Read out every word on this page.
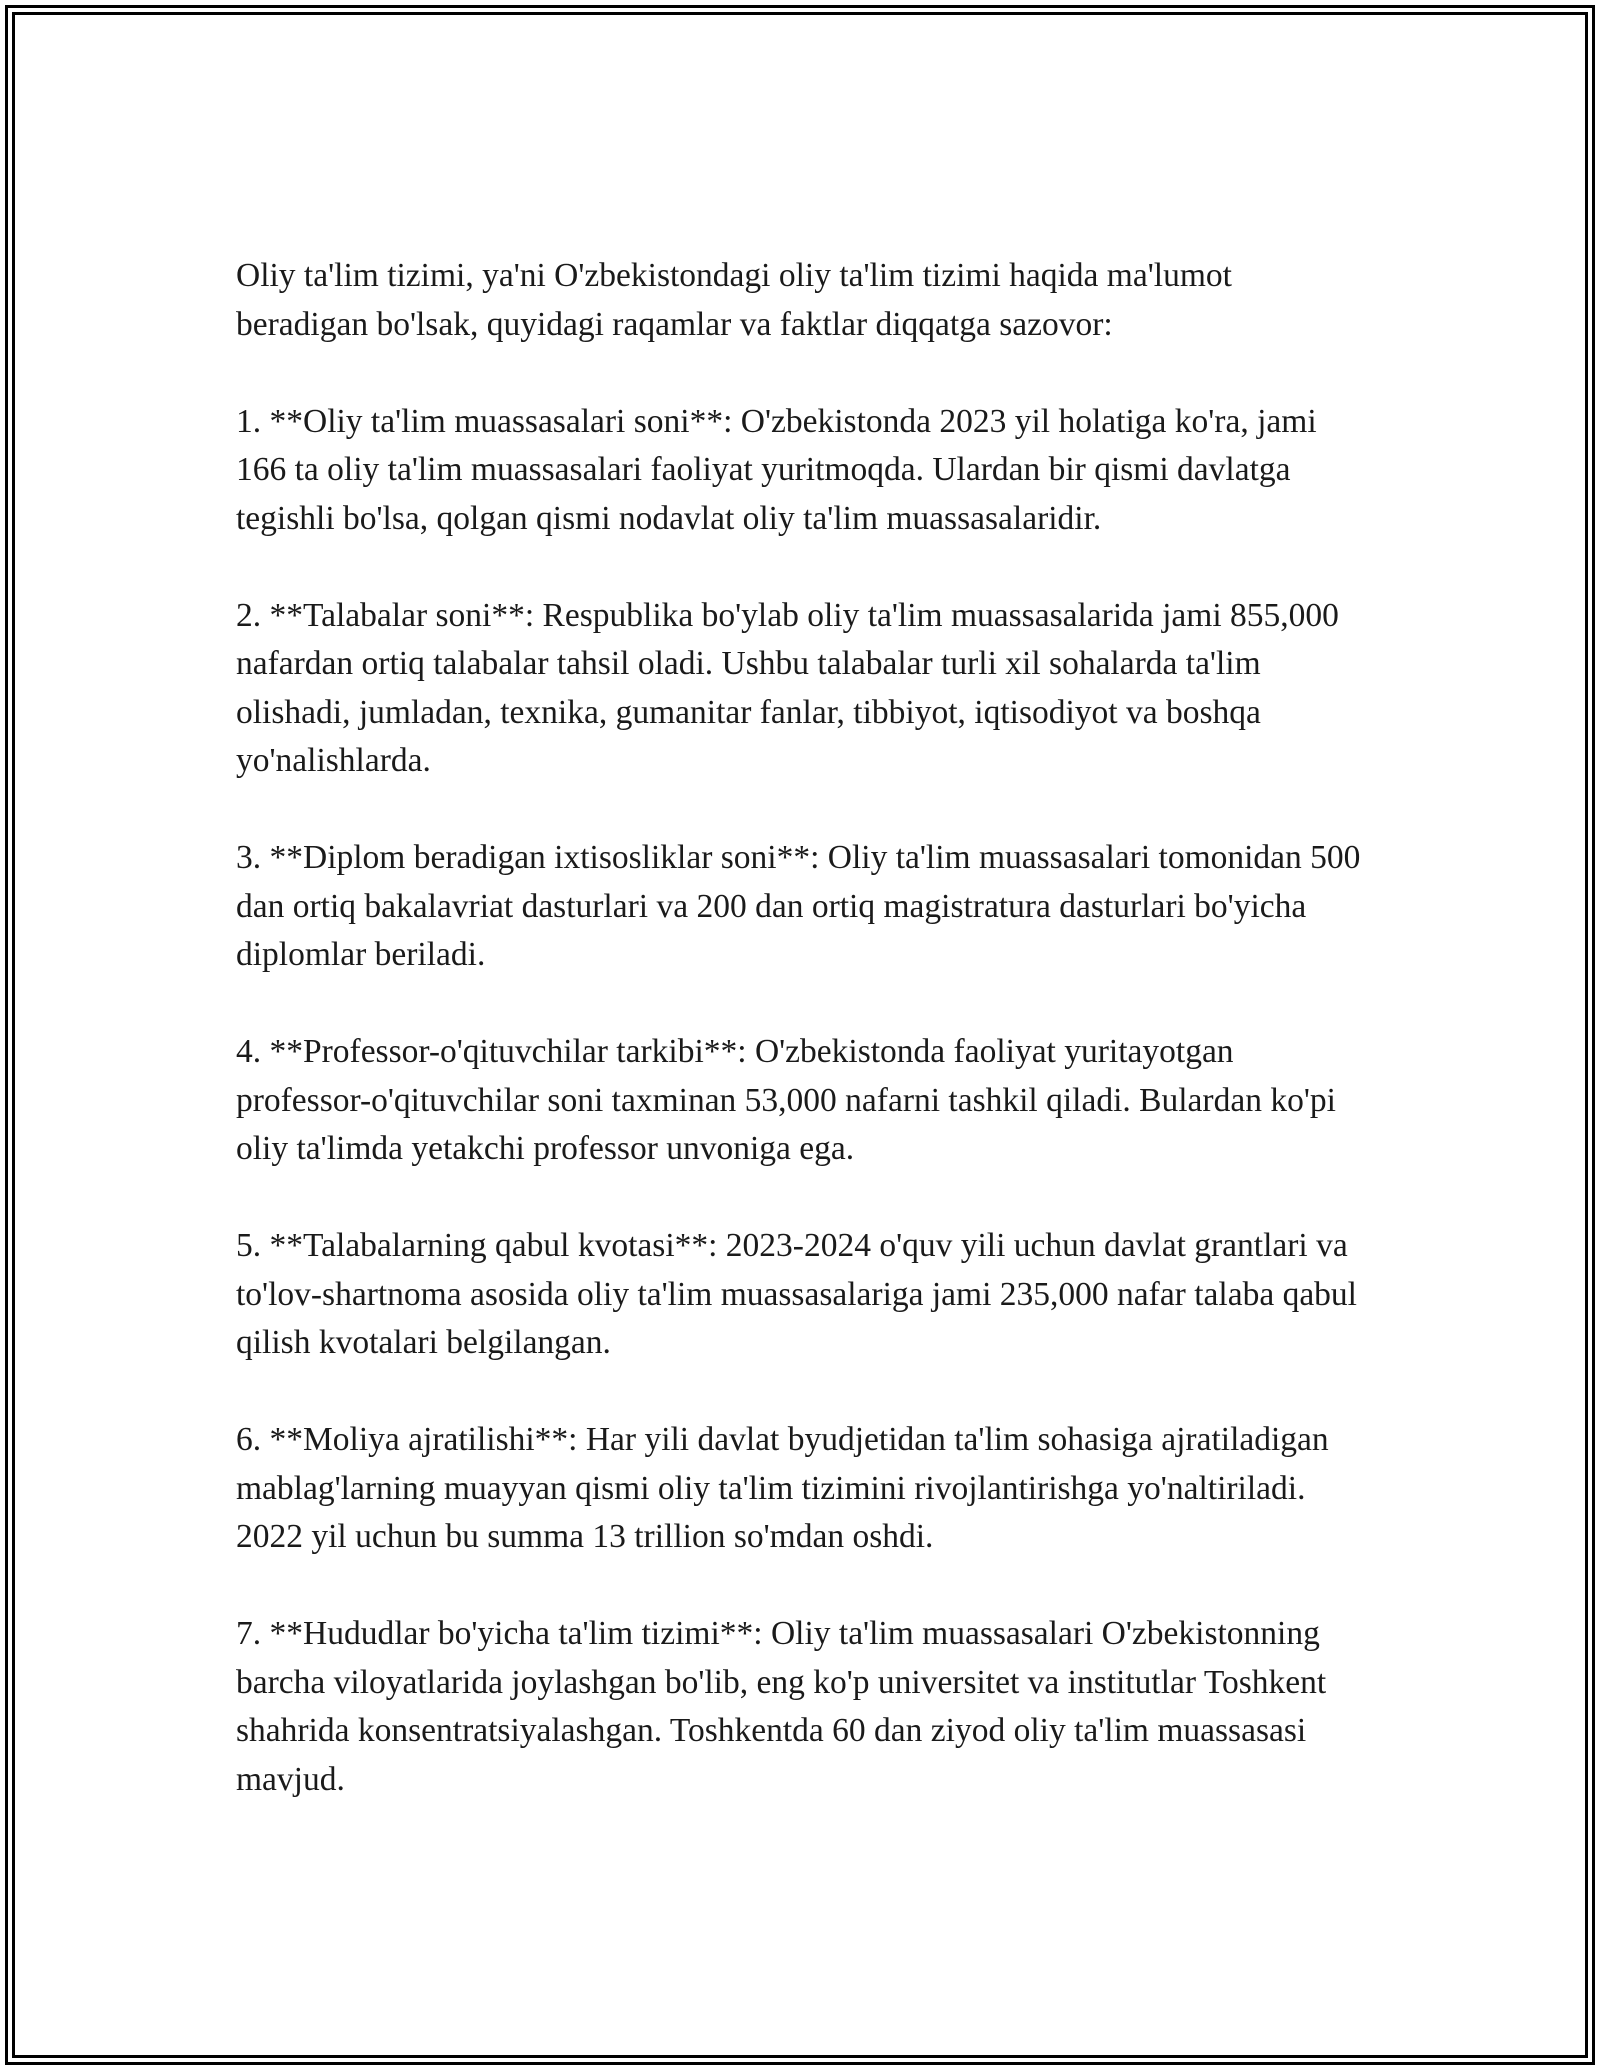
Oliy ta'lim tizimi, ya'ni O'zbekistondagi oliy ta'lim tizimi haqida ma'lumot beradigan bo'lsak, quyidagi raqamlar va faktlar diqqatga sazovor:

1. **Oliy ta'lim muassasalari soni**: O'zbekistonda 2023 yil holatiga ko'ra, jami 166 ta oliy ta'lim muassasalari faoliyat yuritmoqda. Ulardan bir qismi davlatga tegishli bo'lsa, qolgan qismi nodavlat oliy ta'lim muassasalaridir.

2. **Talabalar soni**: Respublika bo'ylab oliy ta'lim muassasalarida jami 855,000 nafardan ortiq talabalar tahsil oladi. Ushbu talabalar turli xil sohalarda ta'lim olishadi, jumladan, texnika, gumanitar fanlar, tibbiyot, iqtisodiyot va boshqa yo'nalishlarda.

3. **Diplom beradigan ixtisosliklar soni**: Oliy ta'lim muassasalari tomonidan 500 dan ortiq bakalavriat dasturlari va 200 dan ortiq magistratura dasturlari bo'yicha diplomlar beriladi.

4. **Professor-o'qituvchilar tarkibi**: O'zbekistonda faoliyat yuritayotgan professor-o'qituvchilar soni taxminan 53,000 nafarni tashkil qiladi. Bulardan ko'pi oliy ta'limda yetakchi professor unvoniga ega.

5. **Talabalarning qabul kvotasi**: 2023-2024 o'quv yili uchun davlat grantlari va to'lov-shartnoma asosida oliy ta'lim muassasalariga jami 235,000 nafar talaba qabul qilish kvotalari belgilangan.

6. **Moliya ajratilishi**: Har yili davlat byudjetidan ta'lim sohasiga ajratiladigan mablag'larning muayyan qismi oliy ta'lim tizimini rivojlantirishga yo'naltiriladi. 2022 yil uchun bu summa 13 trillion so'mdan oshdi.

7. **Hududlar bo'yicha ta'lim tizimi**: Oliy ta'lim muassasalari O'zbekistonning barcha viloyatlarida joylashgan bo'lib, eng ko'p universitet va institutlar Toshkent shahrida konsentratsiyalashgan. Toshkentda 60 dan ziyod oliy ta'lim muassasasi mavjud.
